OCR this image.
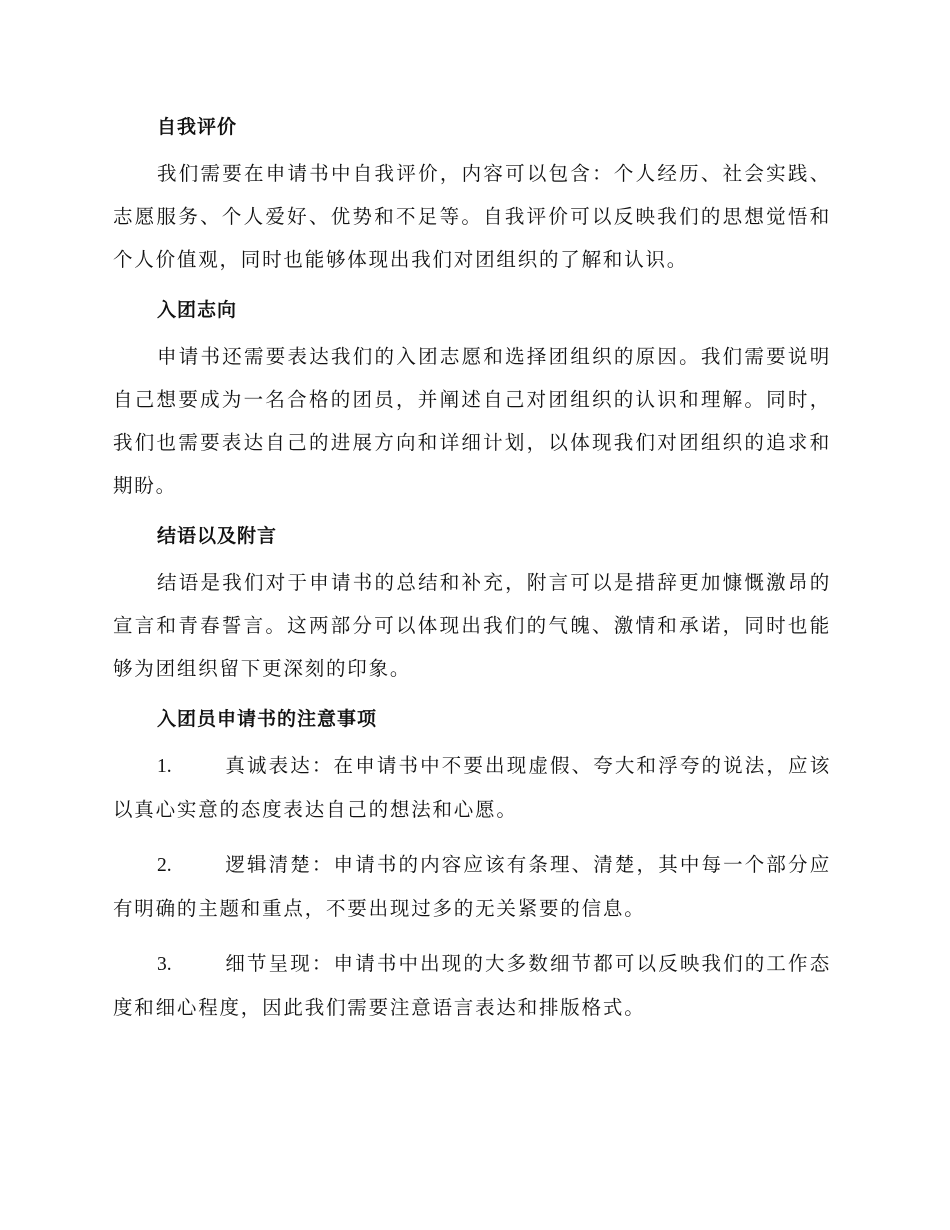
自我评价

我们需要在申请书中自我评价，内容可以包含：个人经历、社会实践、志愿服务、个人爱好、优势和不足等。自我评价可以反映我们的思想觉悟和个人价值观，同时也能够体现出我们对团组织的了解和认识。

入团志向

申请书还需要表达我们的入团志愿和选择团组织的原因。我们需要说明自己想要成为一名合格的团员，并阐述自己对团组织的认识和理解。同时，我们也需要表达自己的进展方向和详细计划，以体现我们对团组织的追求和期盼。

结语以及附言

结语是我们对于申请书的总结和补充，附言可以是措辞更加慷慨激昂的宣言和青春誓言。这两部分可以体现出我们的气魄、激情和承诺，同时也能够为团组织留下更深刻的印象。

入团员申请书的注意事项

1.	真诚表达：在申请书中不要出现虚假、夸大和浮夸的说法，应该以真心实意的态度表达自己的想法和心愿。

2.	逻辑清楚：申请书的内容应该有条理、清楚，其中每一个部分应有明确的主题和重点，不要出现过多的无关紧要的信息。

3.	细节呈现：申请书中出现的大多数细节都可以反映我们的工作态度和细心程度，因此我们需要注意语言表达和排版格式。
